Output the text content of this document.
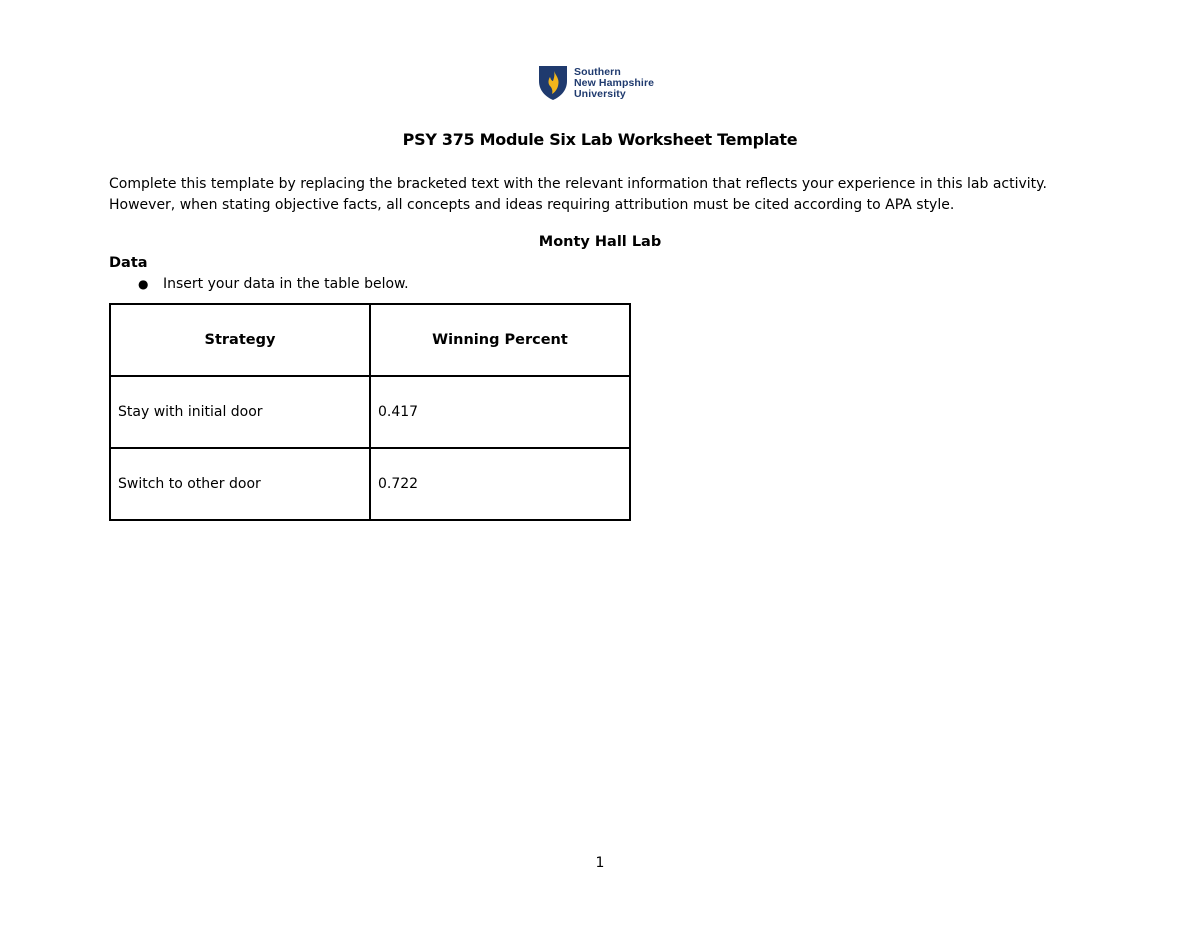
Southern
New Hampshire
University
PSY 375 Module Six Lab Worksheet Template
Complete this template by replacing the bracketed text with the relevant information that reflects your experience in this lab activity. However, when stating objective facts, all concepts and ideas requiring attribution must be cited according to APA style.
Monty Hall Lab
Data
●	Insert your data in the table below.
Strategy	Winning Percent
Stay with initial door	0.417
Switch to other door	0.722
1
